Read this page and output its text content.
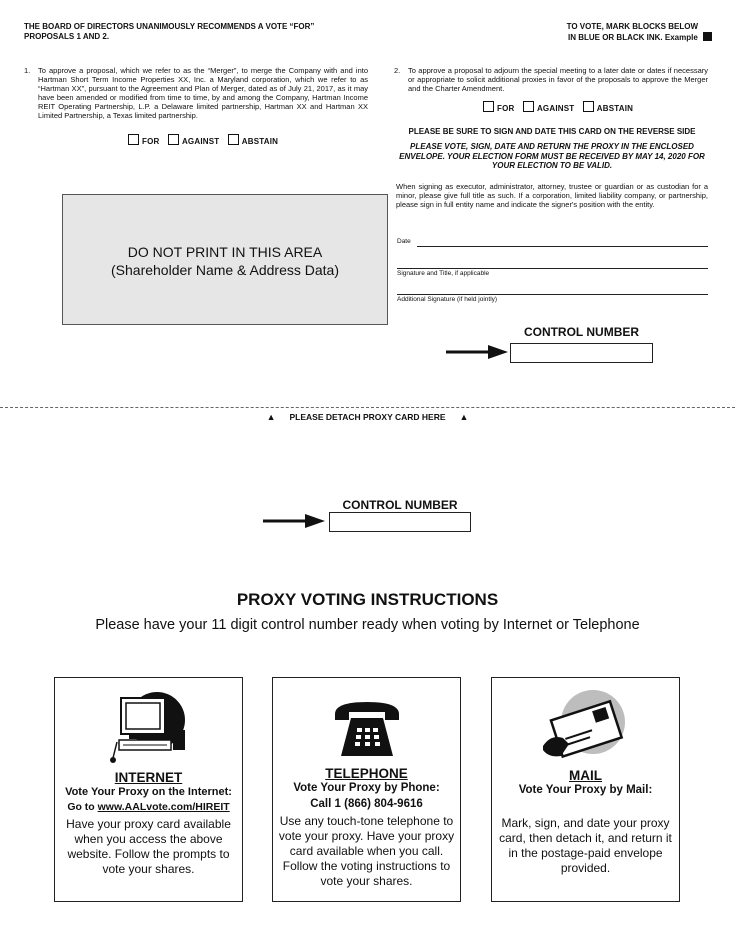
THE BOARD OF DIRECTORS UNANIMOUSLY RECOMMENDS A VOTE “FOR” PROPOSALS 1 AND 2.
TO VOTE, MARK BLOCKS BELOW
IN BLUE OR BLACK INK. Example
1. To approve a proposal, which we refer to as the “Merger”, to merge the Company with and into Hartman Short Term Income Properties XX, Inc. a Maryland corporation, which we refer to as “Hartman XX”, pursuant to the Agreement and Plan of Merger, dated as of July 21, 2017, as it may have been amended or modified from time to time, by and among the Company, Hartman Income REIT Operating Partnership, L.P. a Delaware limited partnership, Hartman XX and Hartman XX Limited Partnership, a Texas limited partnership.
FOR	AGAINST	ABSTAIN
2. To approve a proposal to adjourn the special meeting to a later date or dates if necessary or appropriate to solicit additional proxies in favor of the proposals to approve the Merger and the Charter Amendment.
FOR	AGAINST	ABSTAIN
PLEASE BE SURE TO SIGN AND DATE THIS CARD ON THE REVERSE SIDE
PLEASE VOTE, SIGN, DATE AND RETURN THE PROXY IN THE ENCLOSED ENVELOPE. YOUR ELECTION FORM MUST BE RECEIVED BY MAY 14, 2020 FOR YOUR ELECTION TO BE VALID.
When signing as executor, administrator, attorney, trustee or guardian or as custodian for a minor, please give full title as such. If a corporation, limited liability company, or partnership, please sign in full entity name and indicate the signer's position with the entity.
Date
Signature and Title, if applicable
Additional Signature (if held jointly)
DO NOT PRINT IN THIS AREA
(Shareholder Name & Address Data)
CONTROL NUMBER
▲ PLEASE DETACH PROXY CARD HERE ▲
CONTROL NUMBER
PROXY VOTING INSTRUCTIONS
Please have your 11 digit control number ready when voting by Internet or Telephone
INTERNET
Vote Your Proxy on the Internet:
Go to www.AALvote.com/HIREIT
Have your proxy card available when you access the above website. Follow the prompts to vote your shares.
TELEPHONE
Vote Your Proxy by Phone:
Call 1 (866) 804-9616
Use any touch-tone telephone to vote your proxy. Have your proxy card available when you call. Follow the voting instructions to vote your shares.
MAIL
Vote Your Proxy by Mail:
Mark, sign, and date your proxy card, then detach it, and return it in the postage-paid envelope provided.
